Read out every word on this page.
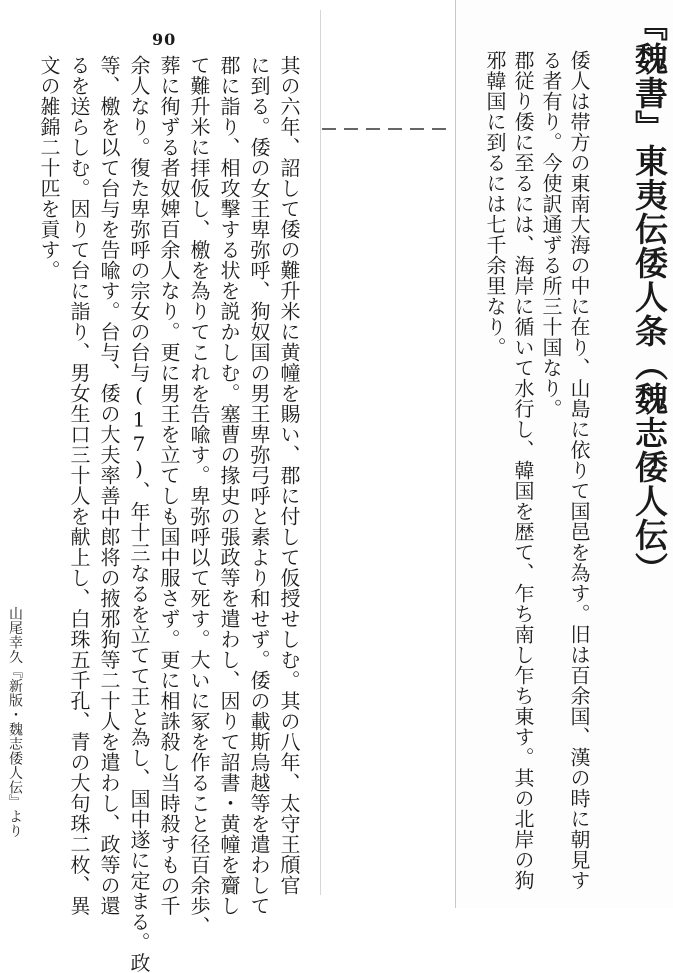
『魏書』東夷伝倭人条（魏志倭人伝）
倭人は帯方の東南大海の中に在り、山島に依りて国邑を為す。旧は百余国、漢の時に朝見す
る者有り。今使訳通ずる所三十国なり。
郡従り倭に至るには、海岸に循いて水行し、韓国を歴て、乍ち南し乍ち東す。其の北岸の狗
邪韓国に到るには七千余里なり。
90
其の六年、詔して倭の難升米に黄幢を賜い、郡に付して仮授せしむ。其の八年、太守王頎官
に到る。倭の女王卑弥呼、狗奴国の男王卑弥弓呼と素より和せず。倭の載斯烏越等を遣わして
郡に詣り、相攻撃する状を説かしむ。塞曹の掾史の張政等を遣わし、因りて詔書・黄幢を齎し
て難升米に拝仮し、檄を為りてこれを告喩す。卑弥呼以て死す。大いに冢を作ること径百余歩、
葬に徇ずる者奴婢百余人なり。更に男王を立てしも国中服さず。更に相誅殺し当時殺すもの千
余人なり。復た卑弥呼の宗女の台与(17)、年十三なるを立てて王と為し、国中遂に定まる。政
等、檄を以て台与を告喩す。台与、倭の大夫率善中郎将の掖邪狗等二十人を遣わし、政等の還
るを送らしむ。因りて台に詣り、男女生口三十人を献上し、白珠五千孔、青の大句珠二枚、異
文の雑錦二十匹を貢す。
山尾幸久『新版・魏志倭人伝』より
